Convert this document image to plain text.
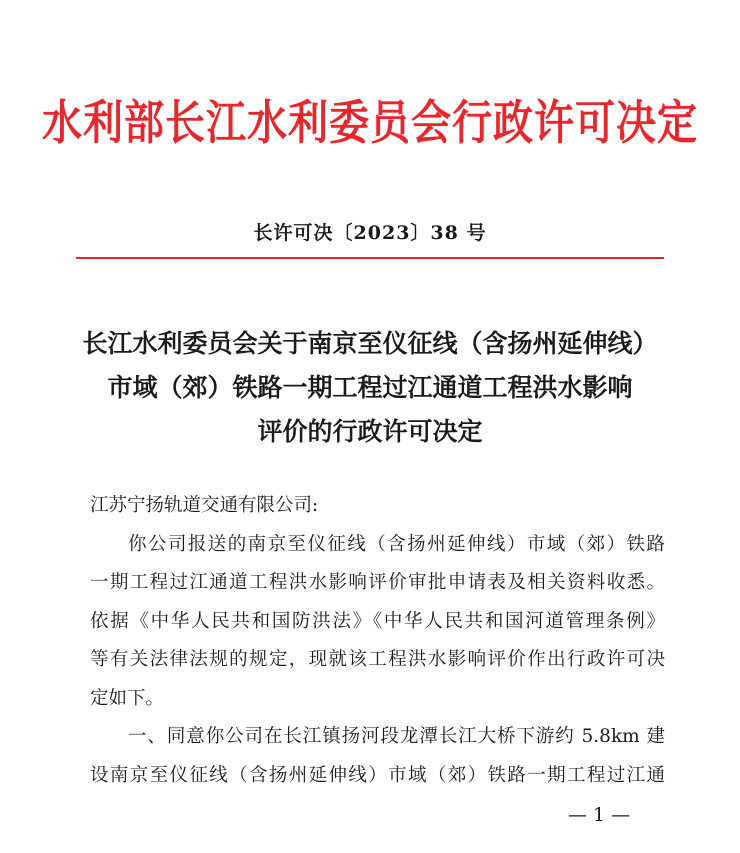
水利部长江水利委员会行政许可决定
长许可决〔2023〕38 号
长江水利委员会关于南京至仪征线（含扬州延伸线）
市域（郊）铁路一期工程过江通道工程洪水影响
评价的行政许可决定
江苏宁扬轨道交通有限公司:
你公司报送的南京至仪征线（含扬州延伸线）市域（郊）铁路
一期工程过江通道工程洪水影响评价审批申请表及相关资料收悉。
依据《中华人民共和国防洪法》《中华人民共和国河道管理条例》
等有关法律法规的规定，现就该工程洪水影响评价作出行政许可决
定如下。
一、同意你公司在长江镇扬河段龙潭长江大桥下游约 5.8km 建
设南京至仪征线（含扬州延伸线）市域（郊）铁路一期工程过江通
— 1 —
